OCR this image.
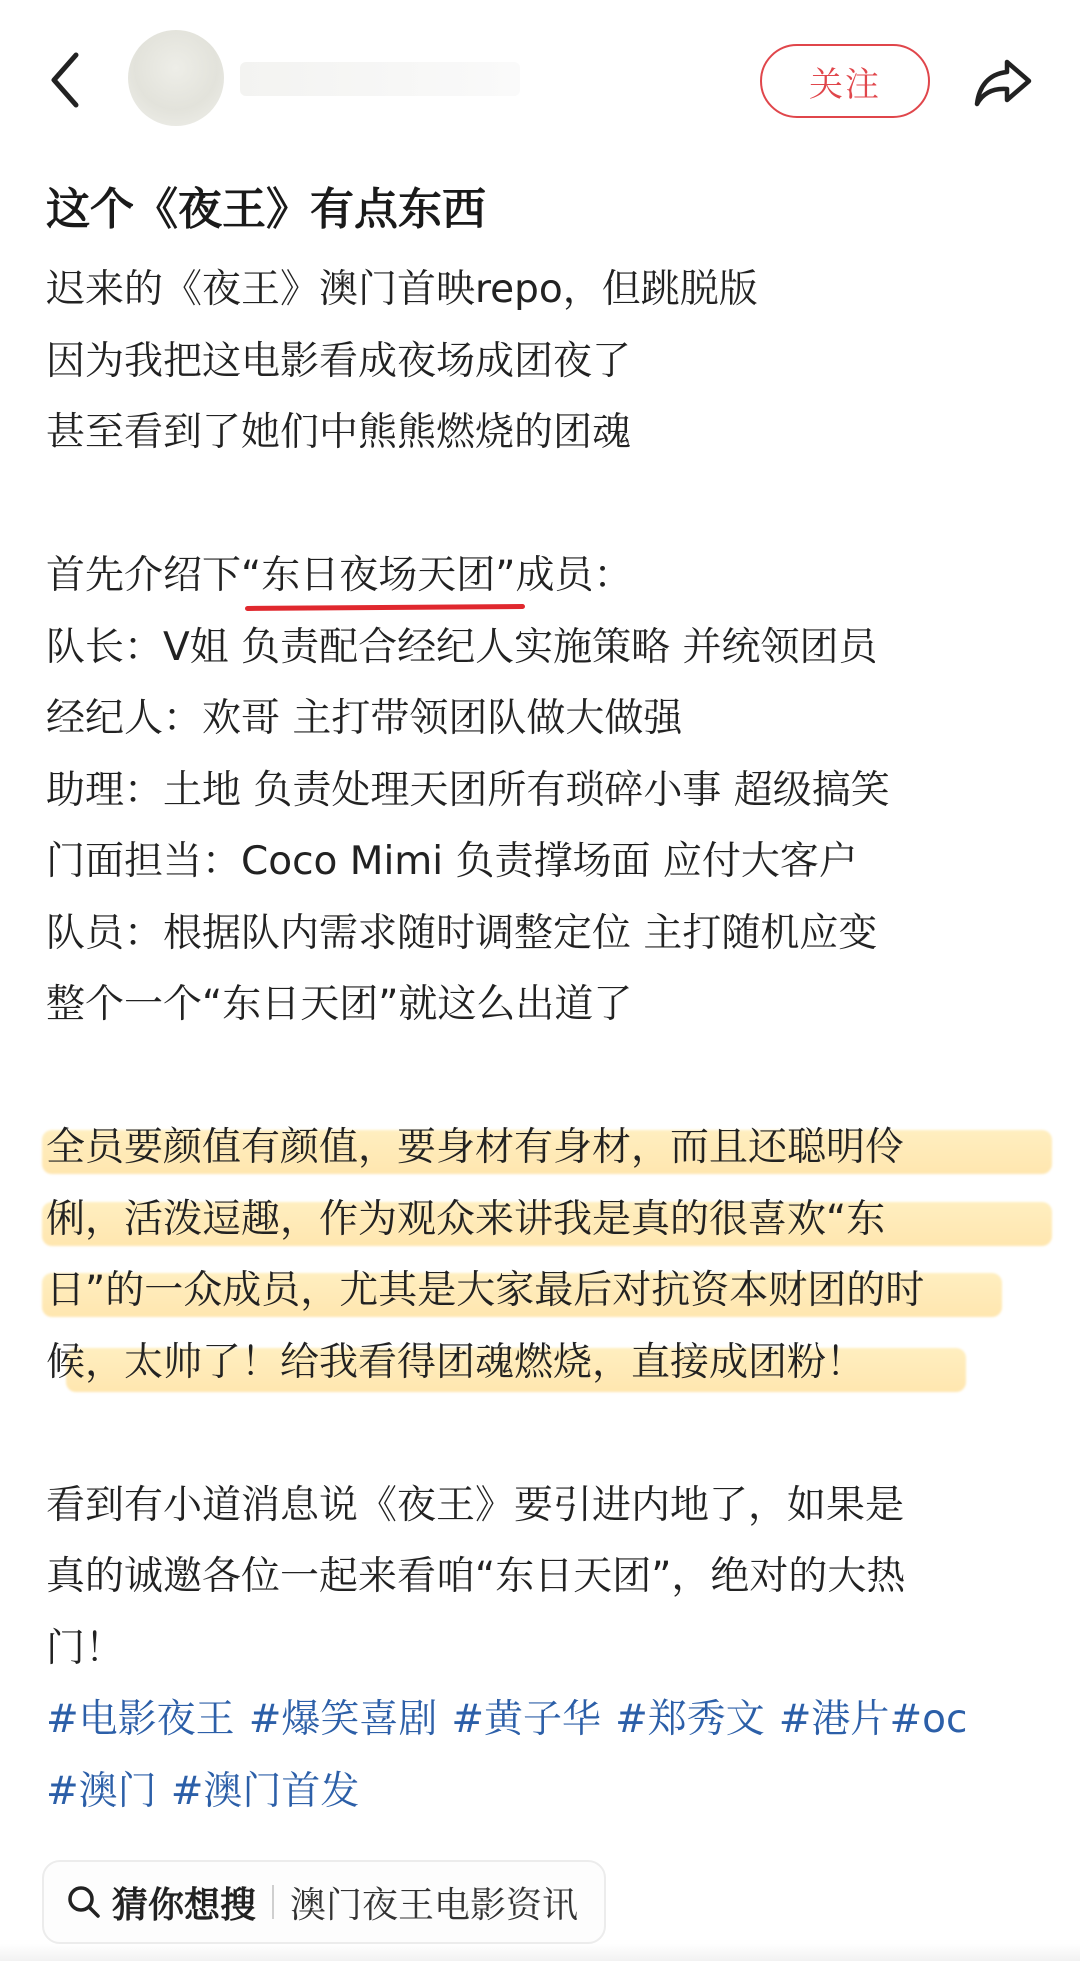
关注
这个《夜王》有点东西
迟来的《夜王》澳门首映repo，但跳脱版
因为我把这电影看成夜场成团夜了
甚至看到了她们中熊熊燃烧的团魂
首先介绍下“东日夜场天团”成员：
队长：V姐 负责配合经纪人实施策略 并统领团员
经纪人：欢哥 主打带领团队做大做强
助理：土地 负责处理天团所有琐碎小事 超级搞笑
门面担当：Coco Mimi 负责撑场面 应付大客户
队员：根据队内需求随时调整定位 主打随机应变
整个一个“东日天团”就这么出道了
全员要颜值有颜值，要身材有身材，而且还聪明伶
俐，活泼逗趣，作为观众来讲我是真的很喜欢“东
日”的一众成员，尤其是大家最后对抗资本财团的时
候，太帅了！给我看得团魂燃烧，直接成团粉！
看到有小道消息说《夜王》要引进内地了，如果是
真的诚邀各位一起来看咱“东日天团”，绝对的大热
门！
#电影夜王 #爆笑喜剧 #黄子华 #郑秀文 #港片#oc
#澳门 #澳门首发
猜你想搜 澳门夜王电影资讯
